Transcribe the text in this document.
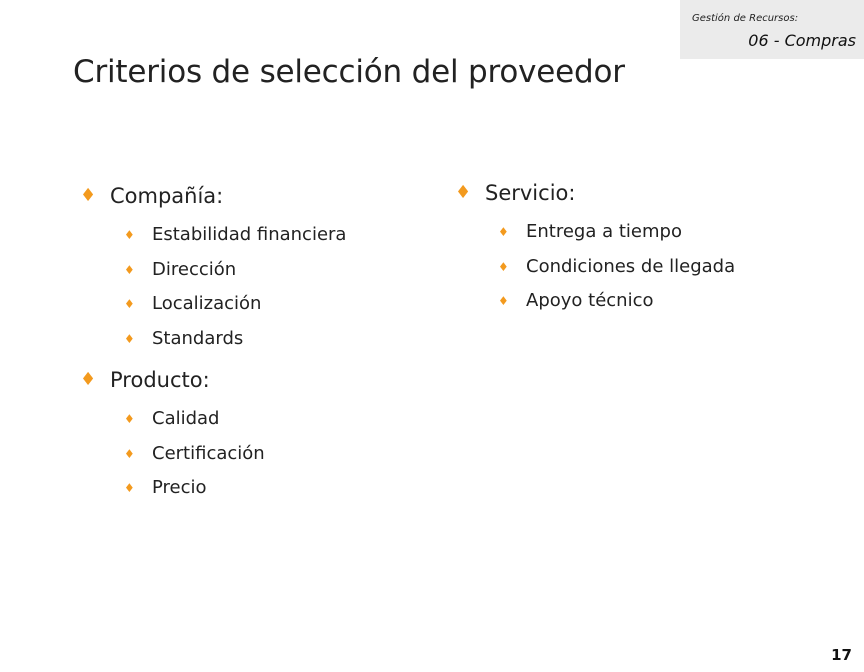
Gestión de Recursos:
06 - Compras
Criterios de selección del proveedor
♦ Compañía:
♦ Estabilidad financiera
♦ Dirección
♦ Localización
♦ Standards
♦ Producto:
♦ Calidad
♦ Certificación
♦ Precio
♦ Servicio:
♦ Entrega a tiempo
♦ Condiciones de llegada
♦ Apoyo técnico
17
